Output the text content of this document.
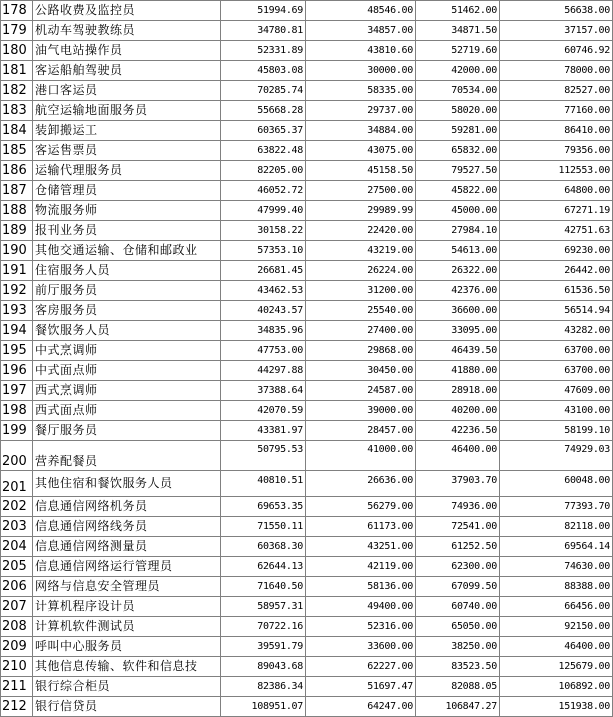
178	公路收费及监控员	51994.69	48546.00	51462.00	56638.00
179	机动车驾驶教练员	34780.81	34857.00	34871.50	37157.00
180	油气电站操作员	52331.89	43810.60	52719.60	60746.92
181	客运船舶驾驶员	45803.08	30000.00	42000.00	78000.00
182	港口客运员	70285.74	58335.00	70534.00	82527.00
183	航空运输地面服务员	55668.28	29737.00	58020.00	77160.00
184	装卸搬运工	60365.37	34884.00	59281.00	86410.00
185	客运售票员	63822.48	43075.00	65832.00	79356.00
186	运输代理服务员	82205.00	45158.50	79527.50	112553.00
187	仓储管理员	46052.72	27500.00	45822.00	64800.00
188	物流服务师	47999.40	29989.99	45000.00	67271.19
189	报刊业务员	30158.22	22420.00	27984.10	42751.63
190	其他交通运输、仓储和邮政业	57353.10	43219.00	54613.00	69230.00
191	住宿服务人员	26681.45	26224.00	26322.00	26442.00
192	前厅服务员	43462.53	31200.00	42376.00	61536.50
193	客房服务员	40243.57	25540.00	36600.00	56514.94
194	餐饮服务人员	34835.96	27400.00	33095.00	43282.00
195	中式烹调师	47753.00	29868.00	46439.50	63700.00
196	中式面点师	44297.88	30450.00	41880.00	63700.00
197	西式烹调师	37388.64	24587.00	28918.00	47609.00
198	西式面点师	42070.59	39000.00	40200.00	43100.00
199	餐厅服务员	43381.97	28457.00	42236.50	58199.10
200	营养配餐员	50795.53	41000.00	46400.00	74929.03
201	其他住宿和餐饮服务人员	40810.51	26636.00	37903.70	60048.00
202	信息通信网络机务员	69653.35	56279.00	74936.00	77393.70
203	信息通信网络线务员	71550.11	61173.00	72541.00	82118.00
204	信息通信网络测量员	60368.30	43251.00	61252.50	69564.14
205	信息通信网络运行管理员	62644.13	42119.00	62300.00	74630.00
206	网络与信息安全管理员	71640.50	58136.00	67099.50	88388.00
207	计算机程序设计员	58957.31	49400.00	60740.00	66456.00
208	计算机软件测试员	70722.16	52316.00	65050.00	92150.00
209	呼叫中心服务员	39591.79	33600.00	38250.00	46400.00
210	其他信息传输、软件和信息技	89043.68	62227.00	83523.50	125679.00
211	银行综合柜员	82386.34	51697.47	82088.05	106892.00
212	银行信贷员	108951.07	64247.00	106847.27	151938.00
